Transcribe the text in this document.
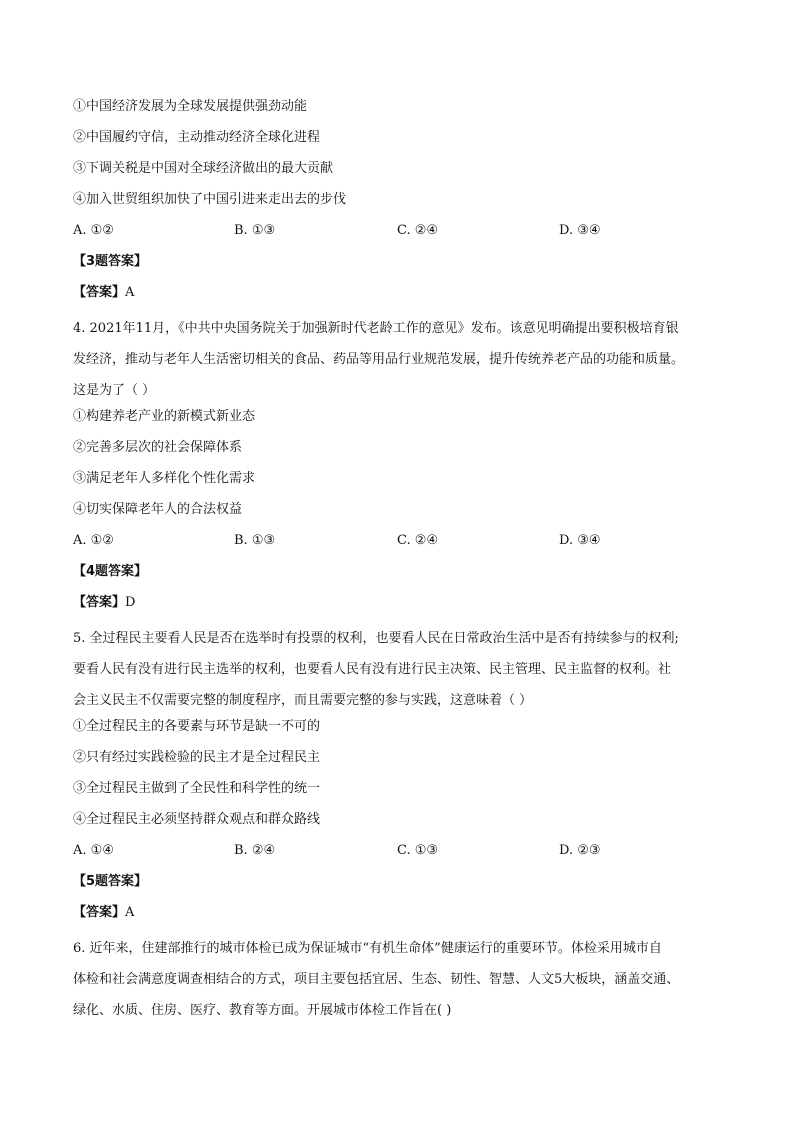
①中国经济发展为全球发展提供强劲动能
②中国履约守信，主动推动经济全球化进程
③下调关税是中国对全球经济做出的最大贡献
④加入世贸组织加快了中国引进来走出去的步伐
A. ①②	B. ①③	C. ②④	D. ③④
【3题答案】
【答案】A

4. 2021年11月，《中共中央国务院关于加强新时代老龄工作的意见》发布。该意见明确提出要积极培育银
发经济，推动与老年人生活密切相关的食品、药品等用品行业规范发展，提升传统养老产品的功能和质量。
这是为了（ ）

①构建养老产业的新模式新业态
②完善多层次的社会保障体系
③满足老年人多样化个性化需求
④切实保障老年人的合法权益
A. ①②	B. ①③	C. ②④	D. ③④
【4题答案】
【答案】D

5. 全过程民主要看人民是否在选举时有投票的权利，也要看人民在日常政治生活中是否有持续参与的权利;
要看人民有没有进行民主选举的权利，也要看人民有没有进行民主决策、民主管理、民主监督的权利。社
会主义民主不仅需要完整的制度程序，而且需要完整的参与实践，这意味着（ ）

①全过程民主的各要素与环节是缺一不可的
②只有经过实践检验的民主才是全过程民主
③全过程民主做到了全民性和科学性的统一
④全过程民主必须坚持群众观点和群众路线
A. ①④	B. ②④	C. ①③	D. ②③
【5题答案】
【答案】A

6. 近年来，住建部推行的城市体检已成为保证城市“有机生命体”健康运行的重要环节。体检采用城市自
体检和社会满意度调查相结合的方式，项目主要包括宜居、生态、韧性、智慧、人文5大板块，涵盖交通、
绿化、水质、住房、医疗、教育等方面。开展城市体检工作旨在( )
